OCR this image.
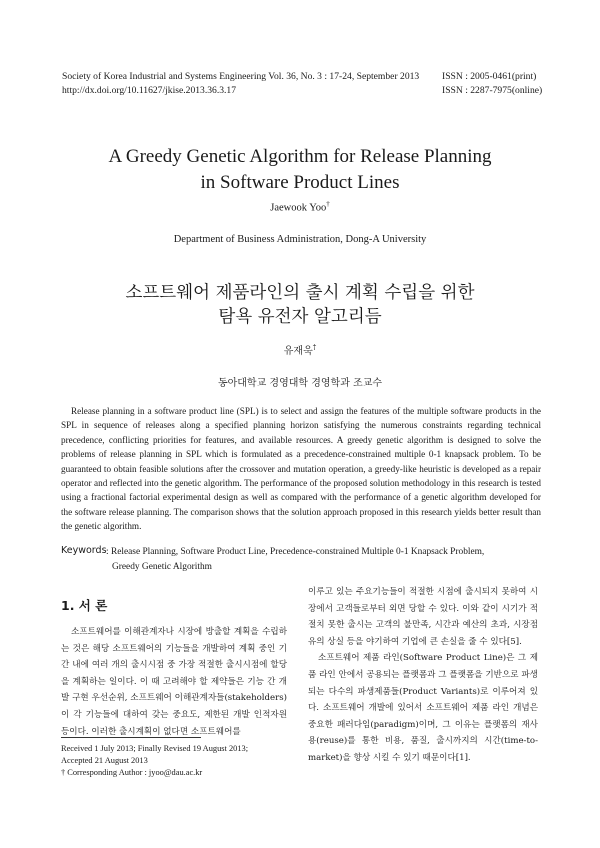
Society of Korea Industrial and Systems Engineering Vol. 36, No. 3 : 17-24, September 2013
http://dx.doi.org/10.11627/jkise.2013.36.3.17
ISSN : 2005-0461(print)
ISSN : 2287-7975(online)
A Greedy Genetic Algorithm for Release Planning
in Software Product Lines
Jaewook Yoo†
Department of Business Administration, Dong-A University
소프트웨어 제품라인의 출시 계획 수립을 위한
탐욕 유전자 알고리듬
유재욱†
동아대학교 경영대학 경영학과 조교수

Release planning in a software product line (SPL) is to select and assign the features of the multiple software products in the SPL in sequence of releases along a specified planning horizon satisfying the numerous constraints regarding technical precedence, conflicting priorities for features, and available resources. A greedy genetic algorithm is designed to solve the problems of release planning in SPL which is formulated as a precedence-constrained multiple 0-1 knapsack problem. To be guaranteed to obtain feasible solutions after the crossover and mutation operation, a greedy-like heuristic is developed as a repair operator and reflected into the genetic algorithm. The performance of the proposed solution methodology in this research is tested using a fractional factorial experimental design as well as compared with the performance of a genetic algorithm developed for the software release planning. The comparison shows that the solution approach proposed in this research yields better result than the genetic algorithm.

Keywords : Release Planning, Software Product Line, Precedence-constrained Multiple 0-1 Knapsack Problem,
Greedy Genetic Algorithm
1. 서 론

소프트웨어를 이해관계자나 시장에 방출할 계획을 수립하는 것은 해당 소프트웨어의 기능들을 개발하여 계획 중인 기간 내에 여러 개의 출시시점 중 가장 적절한 출시시점에 할당을 계획하는 일이다. 이 때 고려해야 할 제약들은 기능 간 개발 구현 우선순위, 소프트웨어 이해관계자들(stakeholders)이 각 기능들에 대하여 갖는 중요도, 제한된 개발 인적자원 등이다. 이러한 출시계획이 없다면 소프트웨어를

이루고 있는 주요기능들이 적절한 시점에 출시되지 못하여 시장에서 고객들로부터 외면 당할 수 있다. 이와 같이 시기가 적절치 못한 출시는 고객의 불만족, 시간과 예산의 초과, 시장점유의 상실 등을 야기하여 기업에 큰 손실을 줄 수 있다[5].

소프트웨어 제품 라인(Software Product Line)은 그 제품 라인 안에서 공용되는 플랫폼과 그 플랫폼을 기반으로 파생되는 다수의 파생제품들(Product Variants)로 이루어져 있다. 소프트웨어 개발에 있어서 소프트웨어 제품 라인 개념은 중요한 패러다임(paradigm)이며, 그 이유는 플랫폼의 재사용(reuse)를 통한 비용, 품질, 출시까지의 시간(time-to-market)을 향상 시킬 수 있기 때문이다[1].

Received 1 July 2013; Finally Revised 19 August 2013;
Accepted 21 August 2013
† Corresponding Author : jyoo@dau.ac.kr
